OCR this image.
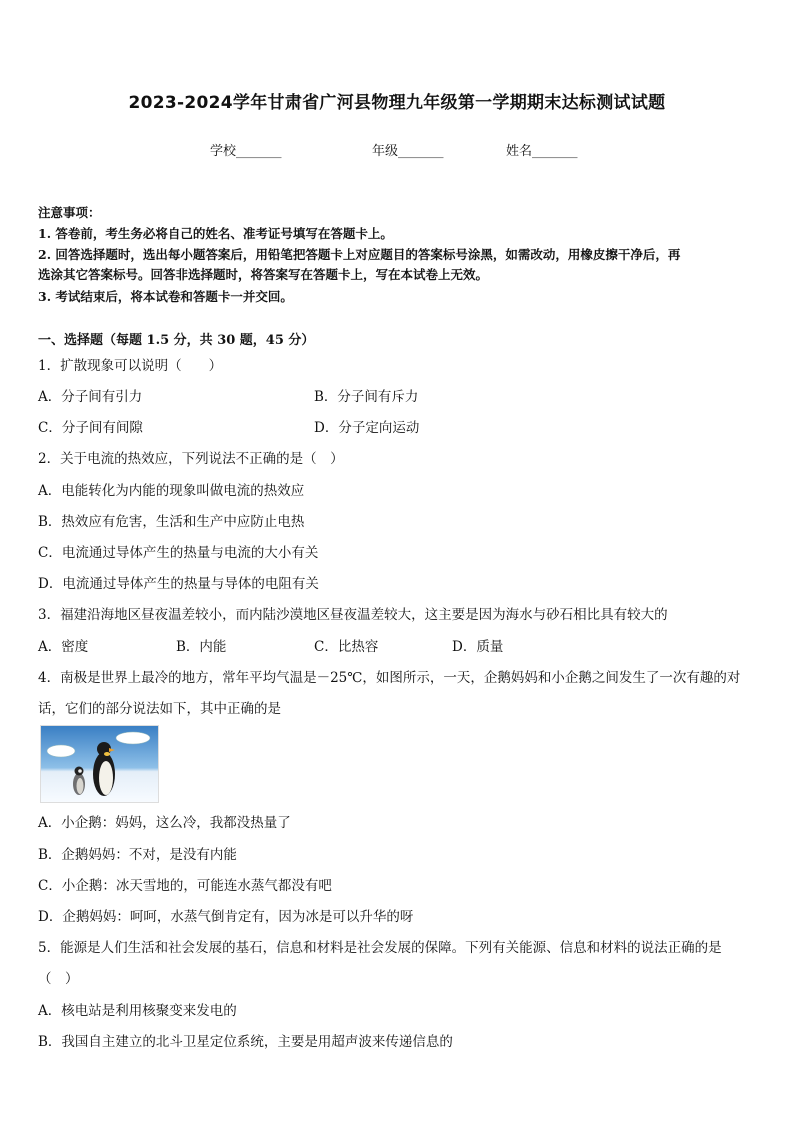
2023-2024学年甘肃省广河县物理九年级第一学期期末达标测试试题
学校_______	年级_______	姓名_______
注意事项：
1. 答卷前，考生务必将自己的姓名、准考证号填写在答题卡上。
2. 回答选择题时，选出每小题答案后，用铅笔把答题卡上对应题目的答案标号涂黑，如需改动，用橡皮擦干净后，再
选涂其它答案标号。回答非选择题时，将答案写在答题卡上，写在本试卷上无效。
3. 考试结束后，将本试卷和答题卡一并交回。
一、选择题（每题 1.5 分，共 30 题，45 分）
1．扩散现象可以说明（　　）
A．分子间有引力	B．分子间有斥力
C．分子间有间隙	D．分子定向运动
2．关于电流的热效应，下列说法不正确的是（　）
A．电能转化为内能的现象叫做电流的热效应
B．热效应有危害，生活和生产中应防止电热
C．电流通过导体产生的热量与电流的大小有关
D．电流通过导体产生的热量与导体的电阻有关
3．福建沿海地区昼夜温差较小，而内陆沙漠地区昼夜温差较大，这主要是因为海水与砂石相比具有较大的
A．密度	B．内能	C．比热容	D．质量
4．南极是世界上最冷的地方，常年平均气温是－25℃，如图所示，一天，企鹅妈妈和小企鹅之间发生了一次有趣的对
话，它们的部分说法如下，其中正确的是
A．小企鹅：妈妈，这么冷，我都没热量了
B．企鹅妈妈：不对，是没有内能
C．小企鹅：冰天雪地的，可能连水蒸气都没有吧
D．企鹅妈妈：呵呵，水蒸气倒肯定有，因为冰是可以升华的呀
5．能源是人们生活和社会发展的基石，信息和材料是社会发展的保障。下列有关能源、信息和材料的说法正确的是
（　）
A．核电站是利用核聚变来发电的
B．我国自主建立的北斗卫星定位系统，主要是用超声波来传递信息的
